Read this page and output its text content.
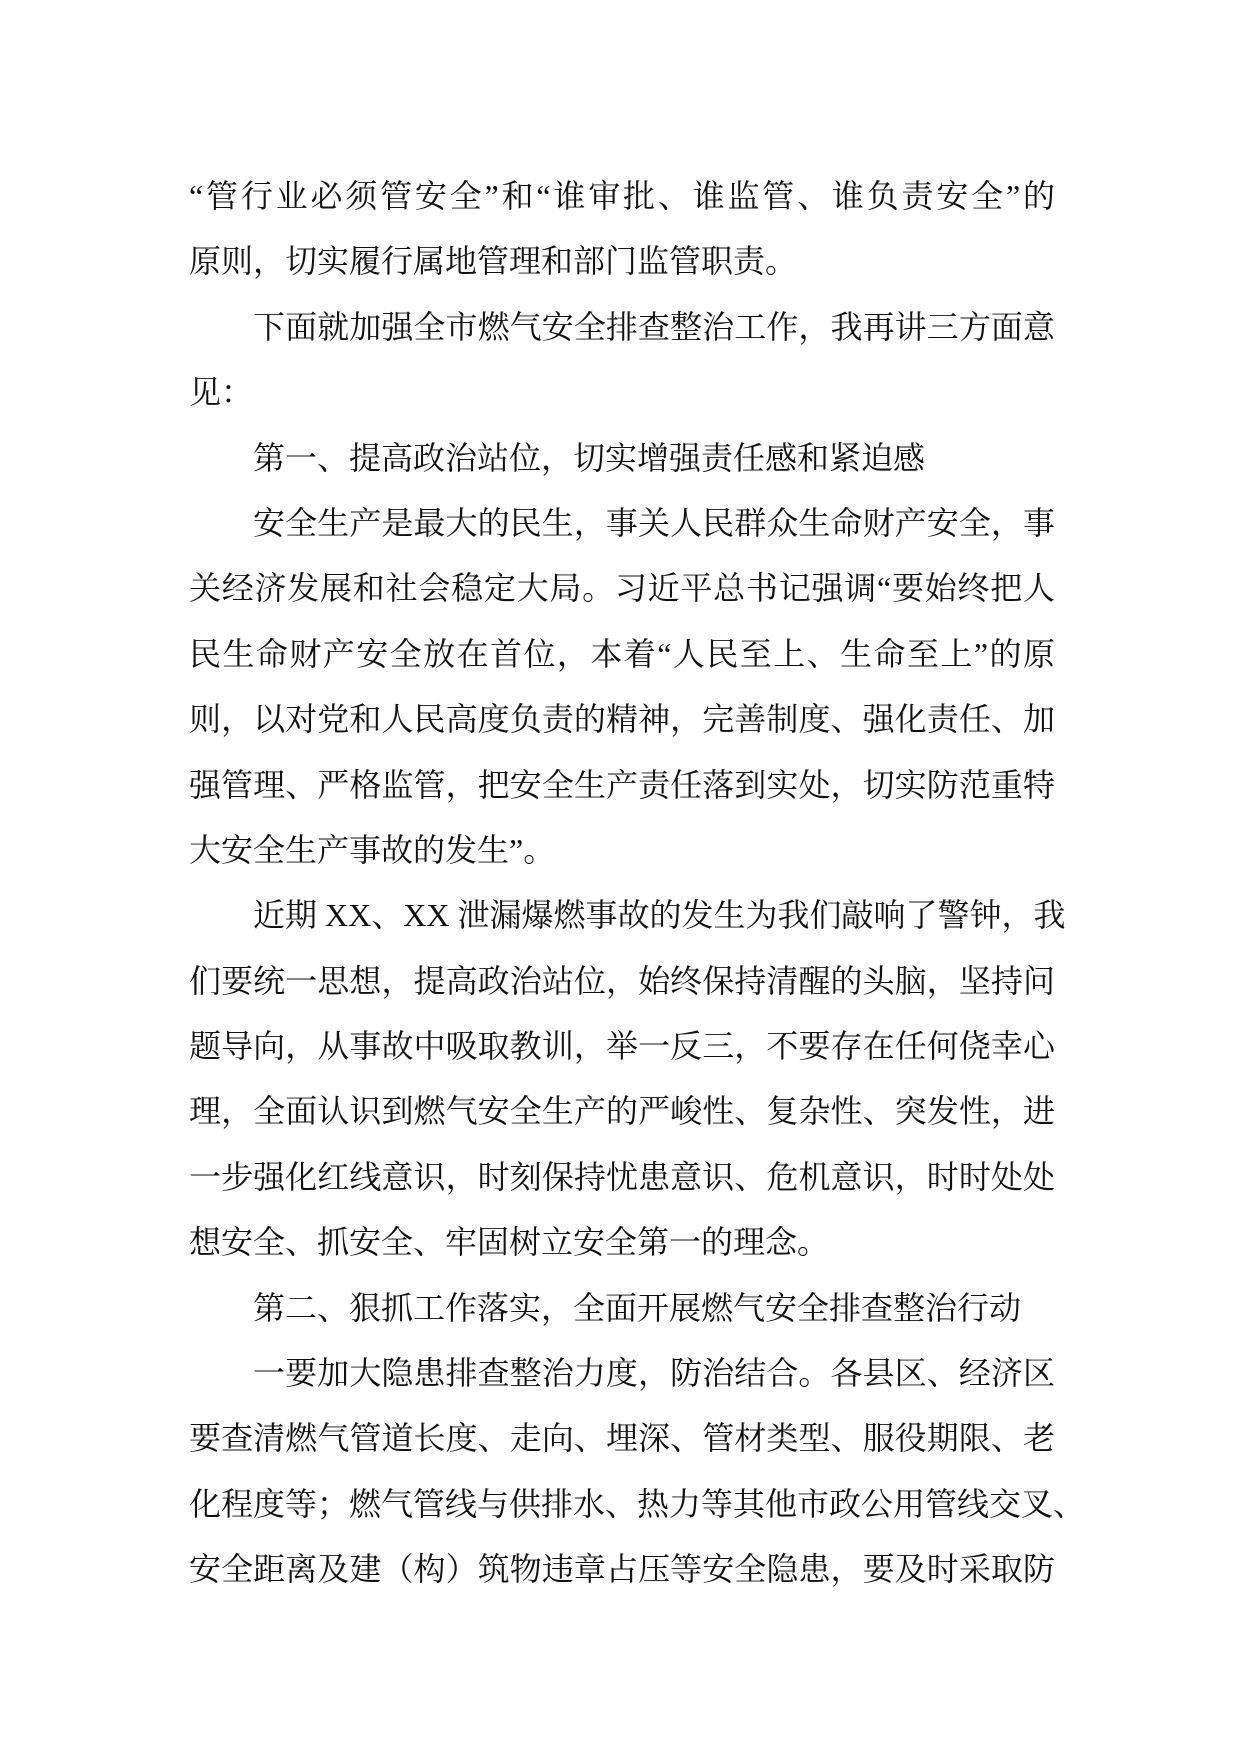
“管行业必须管安全”和“谁审批、谁监管、谁负责安全”的
原则，切实履行属地管理和部门监管职责。
下面就加强全市燃气安全排查整治工作，我再讲三方面意
见：
第一、提高政治站位，切实增强责任感和紧迫感
安全生产是最大的民生，事关人民群众生命财产安全，事
关经济发展和社会稳定大局。习近平总书记强调“要始终把人
民生命财产安全放在首位，本着“人民至上、生命至上”的原
则，以对党和人民高度负责的精神，完善制度、强化责任、加
强管理、严格监管，把安全生产责任落到实处，切实防范重特
大安全生产事故的发生”。
近期 XX、XX 泄漏爆燃事故的发生为我们敲响了警钟，我
们要统一思想，提高政治站位，始终保持清醒的头脑，坚持问
题导向，从事故中吸取教训，举一反三，不要存在任何侥幸心
理，全面认识到燃气安全生产的严峻性、复杂性、突发性，进
一步强化红线意识，时刻保持忧患意识、危机意识，时时处处
想安全、抓安全、牢固树立安全第一的理念。
第二、狠抓工作落实，全面开展燃气安全排查整治行动
一要加大隐患排查整治力度，防治结合。各县区、经济区
要查清燃气管道长度、走向、埋深、管材类型、服役期限、老
化程度等；燃气管线与供排水、热力等其他市政公用管线交叉、
安全距离及建（构）筑物违章占压等安全隐患，要及时采取防
